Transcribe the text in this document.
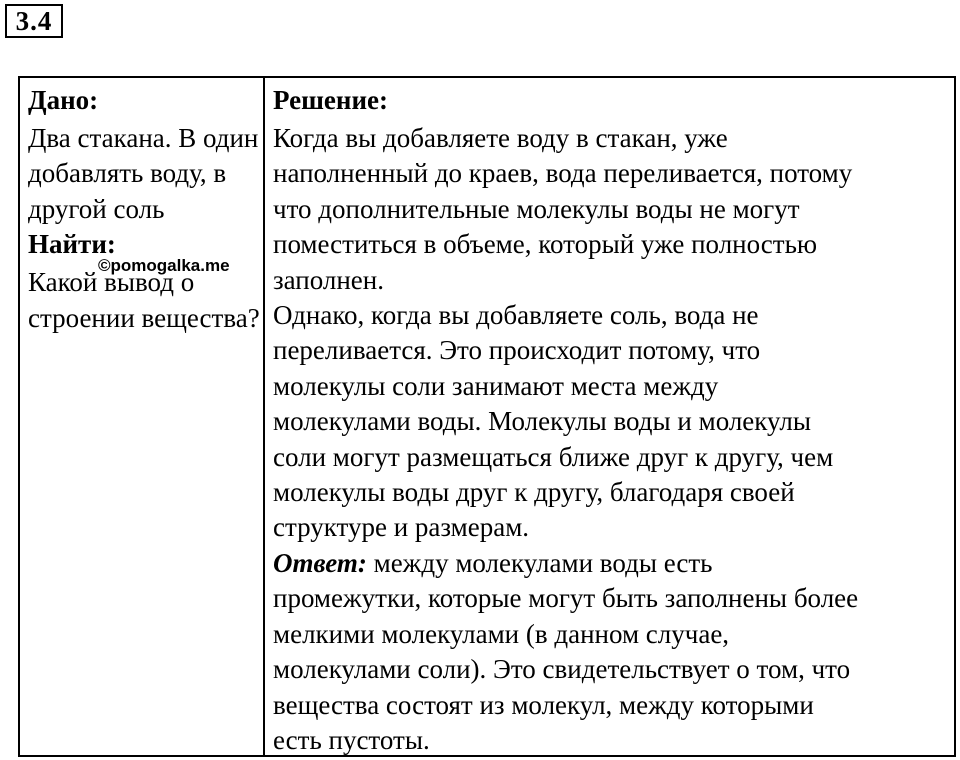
3.4

Дано:

Два стакана. В один добавлять воду, в другой соль

Найти:

Какой вывод о строении вещества?

©pomogalka.me

Решение:

Когда вы добавляете воду в стакан, уже
наполненный до краев, вода переливается, потому
что дополнительные молекулы воды не могут
поместиться в объеме, который уже полностью
заполнен.
Однако, когда вы добавляете соль, вода не
переливается. Это происходит потому, что
молекулы соли занимают места между
молекулами воды. Молекулы воды и молекулы
соли могут размещаться ближе друг к другу, чем
молекулы воды друг к другу, благодаря своей
структуре и размерам.
Ответ: между молекулами воды есть
промежутки, которые могут быть заполнены более
мелкими молекулами (в данном случае,
молекулами соли). Это свидетельствует о том, что
вещества состоят из молекул, между которыми
есть пустоты.
